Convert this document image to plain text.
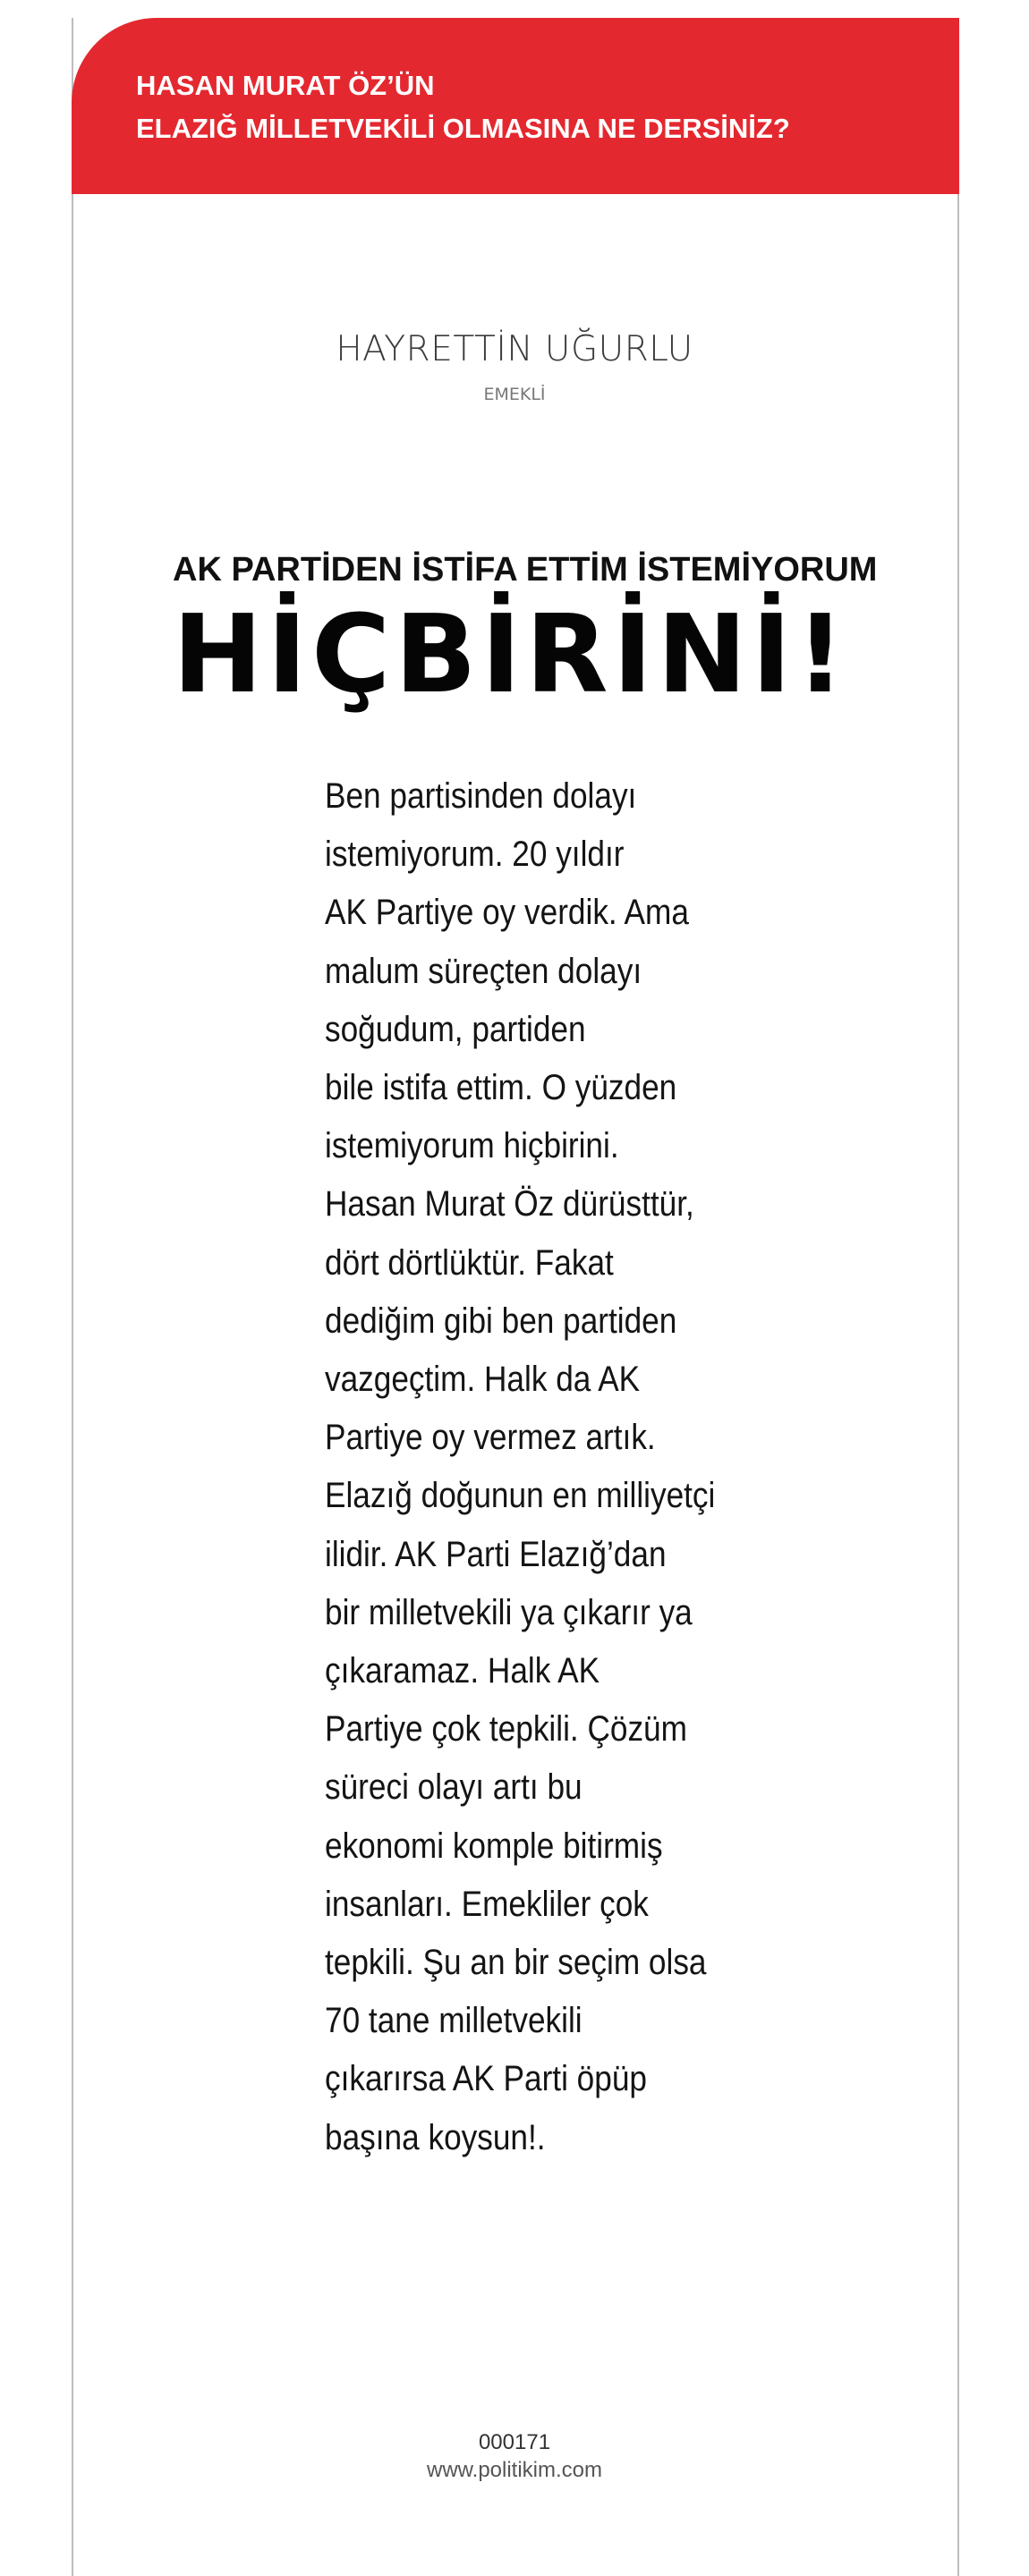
HASAN MURAT ÖZ’ÜN
ELAZIĞ MİLLETVEKİLİ OLMASINA NE DERSİNİZ?
HAYRETTİN UĞURLU
EMEKLİ
AK PARTİDEN İSTİFA ETTİM İSTEMİYORUM
HİÇBİRİNİ!
Ben partisinden dolayı
istemiyorum. 20 yıldır
AK Partiye oy verdik. Ama
malum süreçten dolayı
soğudum, partiden
bile istifa ettim. O yüzden
istemiyorum hiçbirini.
Hasan Murat Öz dürüsttür,
dört dörtlüktür. Fakat
dediğim gibi ben partiden
vazgeçtim. Halk da AK
Partiye oy vermez artık.
Elazığ doğunun en milliyetçi
ilidir. AK Parti Elazığ’dan
bir milletvekili ya çıkarır ya
çıkaramaz. Halk AK
Partiye çok tepkili. Çözüm
süreci olayı artı bu
ekonomi komple bitirmiş
insanları. Emekliler çok
tepkili. Şu an bir seçim olsa
70 tane milletvekili
çıkarırsa AK Parti öpüp
başına koysun!.
000171
www.politikim.com
